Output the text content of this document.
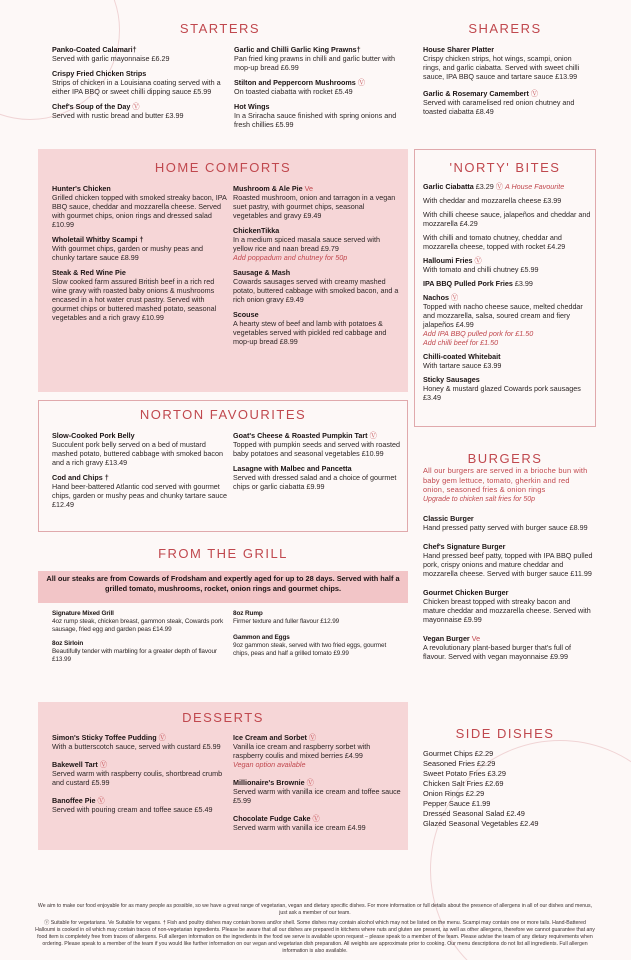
STARTERS
Panko-Coated Calamari†
Served with garlic mayonnaise £6.29
Crispy Fried Chicken Strips
Strips of chicken in a Louisiana coating served with a either IPA BBQ or sweet chilli dipping sauce £5.99
Chef's Soup of the Day Ⓥ
Served with rustic bread and butter £3.99
Garlic and Chilli Garlic King Prawns†
Pan fried king prawns in chilli and garlic butter with mop-up bread £6.99
Stilton and Peppercorn Mushrooms Ⓥ
On toasted ciabatta with rocket £5.49
Hot Wings
In a Sriracha sauce finished with spring onions and fresh chillies £5.99
SHARERS
House Sharer Platter
Crispy chicken strips, hot wings, scampi, onion rings, and garlic ciabatta. Served with sweet chilli sauce, IPA BBQ sauce and tartare sauce £13.99
Garlic & Rosemary Camembert Ⓥ
Served with caramelised red onion chutney and toasted ciabatta £8.49
HOME COMFORTS
Hunter's Chicken
Grilled chicken topped with smoked streaky bacon, IPA BBQ sauce, cheddar and mozzarella cheese. Served with gourmet chips, onion rings and dressed salad £10.99
Wholetail Whitby Scampi †
With gourmet chips, garden or mushy peas and chunky tartare sauce £8.99
Steak & Red Wine Pie
Slow cooked farm assured British beef in a rich red wine gravy with roasted baby onions & mushrooms encased in a hot water crust pastry. Served with gourmet chips or buttered mashed potato, seasonal vegetables and a rich gravy £10.99
Mushroom & Ale Pie Ve
Roasted mushroom, onion and tarragon in a vegan suet pastry, with gourmet chips, seasonal vegetables and gravy £9.49
ChickenTikka
In a medium spiced masala sauce served with yellow rice and naan bread £9.79
Add poppadum and chutney for 50p
Sausage & Mash
Cowards sausages served with creamy mashed potato, buttered cabbage with smoked bacon, and a rich onion gravy £9.49
Scouse
A hearty stew of beef and lamb with potatoes & vegetables served with pickled red cabbage and mop-up bread £8.99
'NORTY' BITES
Garlic Ciabatta £3.29 Ⓥ A House Favourite
With cheddar and mozzarella cheese £3.99
With chilli cheese sauce, jalapeños and cheddar and mozzarella £4.29
With chilli and tomato chutney, cheddar and mozzarella cheese, topped with rocket £4.29
Halloumi Fries Ⓥ
With tomato and chilli chutney £5.99
IPA BBQ Pulled Pork Fries £3.99
Nachos Ⓥ
Topped with nacho cheese sauce, melted cheddar and mozzarella, salsa, soured cream and fiery jalapeños £4.99
Add IPA BBQ pulled pork for £1.50
Add chilli beef for £1.50
Chilli-coated Whitebait
With tartare sauce £3.99
Sticky Sausages
Honey & mustard glazed Cowards pork sausages £3.49
NORTON FAVOURITES
Slow-Cooked Pork Belly
Succulent pork belly served on a bed of mustard mashed potato, buttered cabbage with smoked bacon and a rich gravy £13.49
Cod and Chips †
Hand beer-battered Atlantic cod served with gourmet chips, garden or mushy peas and chunky tartare sauce £12.49
Goat's Cheese & Roasted Pumpkin Tart Ⓥ
Topped with pumpkin seeds and served with roasted baby potatoes and seasonal vegetables £10.99
Lasagne with Malbec and Pancetta
Served with dressed salad and a choice of gourmet chips or garlic ciabatta £9.99
FROM THE GRILL
All our steaks are from Cowards of Frodsham and expertly aged for up to 28 days. Served with half a grilled tomato, mushrooms, rocket, onion rings and gourmet chips.
Signature Mixed Grill
4oz rump steak, chicken breast, gammon steak, Cowards pork sausage, fried egg and garden peas £14.99
8oz Sirloin
Beautifully tender with marbling for a greater depth of flavour £13.99
8oz Rump
Firmer texture and fuller flavour £12.99
Gammon and Eggs
9oz gammon steak, served with two fried eggs, gourmet chips, peas and half a grilled tomato £9.99
BURGERS
All our burgers are served in a brioche bun with baby gem lettuce, tomato, gherkin and red onion, seasoned fries & onion rings
Upgrade to chicken salt fries for 50p
Classic Burger
Hand pressed patty served with burger sauce £8.99
Chef's Signature Burger
Hand pressed beef patty, topped with IPA BBQ pulled pork, crispy onions and mature cheddar and mozzarella cheese. Served with burger sauce £11.99
Gourmet Chicken Burger
Chicken breast topped with streaky bacon and mature cheddar and mozzarella cheese. Served with mayonnaise £9.99
Vegan Burger Ve
A revolutionary plant-based burger that's full of flavour. Served with vegan mayonnaise £9.99
DESSERTS
Simon's Sticky Toffee Pudding Ⓥ
With a butterscotch sauce, served with custard £5.99
Bakewell Tart Ⓥ
Served warm with raspberry coulis, shortbread crumb and custard £5.99
Banoffee Pie Ⓥ
Served with pouring cream and toffee sauce £5.49
Ice Cream and Sorbet Ⓥ
Vanilla ice cream and raspberry sorbet with raspberry coulis and mixed berries £4.99
Vegan option available
Millionaire's Brownie Ⓥ
Served warm with vanilla ice cream and toffee sauce £5.99
Chocolate Fudge Cake Ⓥ
Served warm with vanilla ice cream £4.99
SIDE DISHES
Gourmet Chips £2.29
Seasoned Fries £2.29
Sweet Potato Fries £3.29
Chicken Salt Fries £2.69
Onion Rings £2.29
Pepper Sauce £1.99
Dressed Seasonal Salad £2.49
Glazed Seasonal Vegetables £2.49
We aim to make our food enjoyable for as many people as possible, so we have a great range of vegetarian, vegan and dietary specific dishes. For more information or full details about the presence of allergens in all of our dishes and menus, just ask a member of our team.
Ⓥ Suitable for vegetarians. Ve Suitable for vegans. † Fish and poultry dishes may contain bones and/or shell. Some dishes may contain alcohol which may not be listed on the menu. Scampi may contain one or more tails. Hand-Battered Halloumi is cooked in oil which may contain traces of non-vegetarian ingredients. Please be aware that all our dishes are prepared in kitchens where nuts and gluten are present, as well as other allergens, therefore we cannot guarantee that any food item is completely free from traces of allergens. Full allergen information on the ingredients in the food we serve is available upon request – please speak to a member of the team. Please advise the team of any dietary requirements when ordering. Please speak to a member of the team if you would like further information on our vegan and vegetarian dish preparation. All weights are approximate prior to cooking. Our menu descriptions do not list all ingredients. Full allergen information is also available.
